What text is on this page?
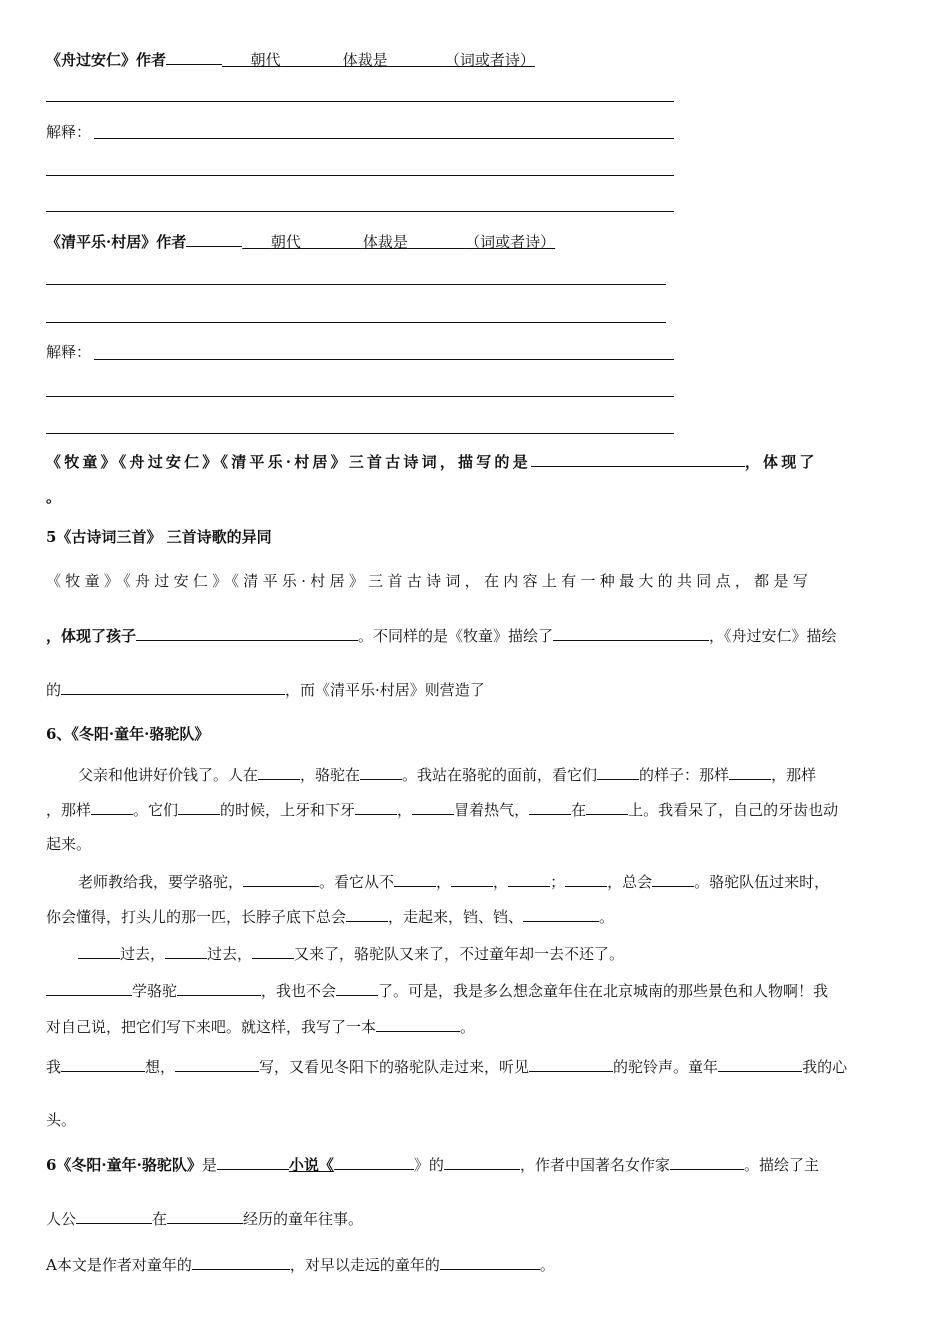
《舟过安仁》作者	朝代	体裁是	（词或者诗）
解释：
《清平乐·村居》作者	朝代	体裁是	（词或者诗）
解释：
《牧童》《舟过安仁》《清平乐·村居》三首古诗词，描写的是	，体现了
。
5《古诗词三首》 三首诗歌的异同
《牧童》《舟过安仁》《清平乐·村居》三首古诗词，在内容上有一种最大的共同点，都是写
，体现了孩子	。不同样的是《牧童》描绘了	，《舟过安仁》描绘
的	，而《清平乐·村居》则营造了
6、《冬阳·童年·骆驼队》
父亲和他讲好价钱了。人在	，骆驼在	。我站在骆驼的面前，看它们	的样子：那样	，那样
，那样	。它们	的时候，上牙和下牙	，	冒着热气，	在	上。我看呆了，自己的牙齿也动
起来。
老师教给我，要学骆驼，	。看它从不	，	，	；	，总会	。骆驼队伍过来时，
你会懂得，打头儿的那一匹，长脖子底下总会	，走起来，铛、铛、	。
过去，	过去，	又来了，骆驼队又来了，不过童年却一去不还了。
学骆驼	，我也不会	了。可是，我是多么想念童年住在北京城南的那些景色和人物啊！我
对自己说，把它们写下来吧。就这样，我写了一本	。
我	想，	写，又看见冬阳下的骆驼队走过来，听见	的驼铃声。童年	我的心
头。
6《冬阳·童年·骆驼队》是	小说《	》的	，作者中国著名女作家	。描绘了主
人公	在	经历的童年往事。
A本文是作者对童年的	，对早以走远的童年的	。
